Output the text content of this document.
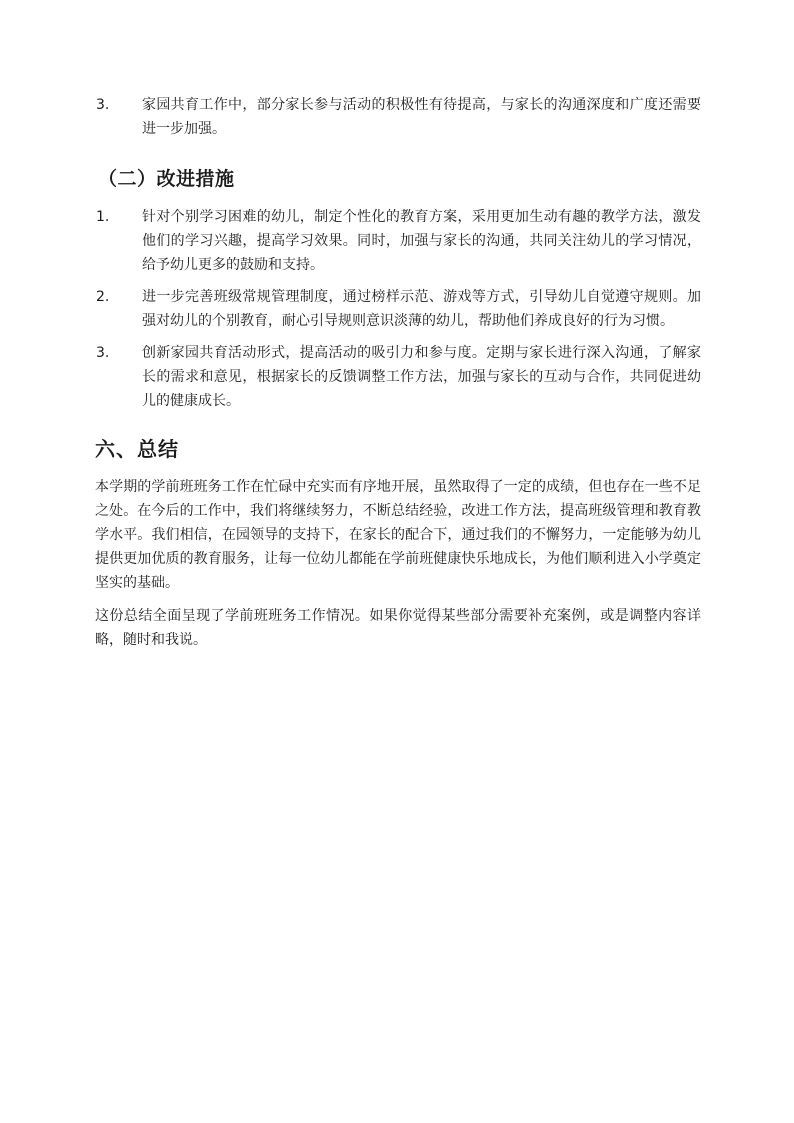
3.	家园共育工作中，部分家长参与活动的积极性有待提高，与家长的沟通深度和广度还需要进一步加强。
（二）改进措施
1.	针对个别学习困难的幼儿，制定个性化的教育方案，采用更加生动有趣的教学方法，激发他们的学习兴趣，提高学习效果。同时，加强与家长的沟通，共同关注幼儿的学习情况，给予幼儿更多的鼓励和支持。
2.	进一步完善班级常规管理制度，通过榜样示范、游戏等方式，引导幼儿自觉遵守规则。加强对幼儿的个别教育，耐心引导规则意识淡薄的幼儿，帮助他们养成良好的行为习惯。
3.	创新家园共育活动形式，提高活动的吸引力和参与度。定期与家长进行深入沟通，了解家长的需求和意见，根据家长的反馈调整工作方法，加强与家长的互动与合作，共同促进幼儿的健康成长。
六、总结

本学期的学前班班务工作在忙碌中充实而有序地开展，虽然取得了一定的成绩，但也存在一些不足之处。在今后的工作中，我们将继续努力，不断总结经验，改进工作方法，提高班级管理和教育教学水平。我们相信，在园领导的支持下，在家长的配合下，通过我们的不懈努力，一定能够为幼儿提供更加优质的教育服务，让每一位幼儿都能在学前班健康快乐地成长，为他们顺利进入小学奠定坚实的基础。

这份总结全面呈现了学前班班务工作情况。如果你觉得某些部分需要补充案例，或是调整内容详略，随时和我说。
